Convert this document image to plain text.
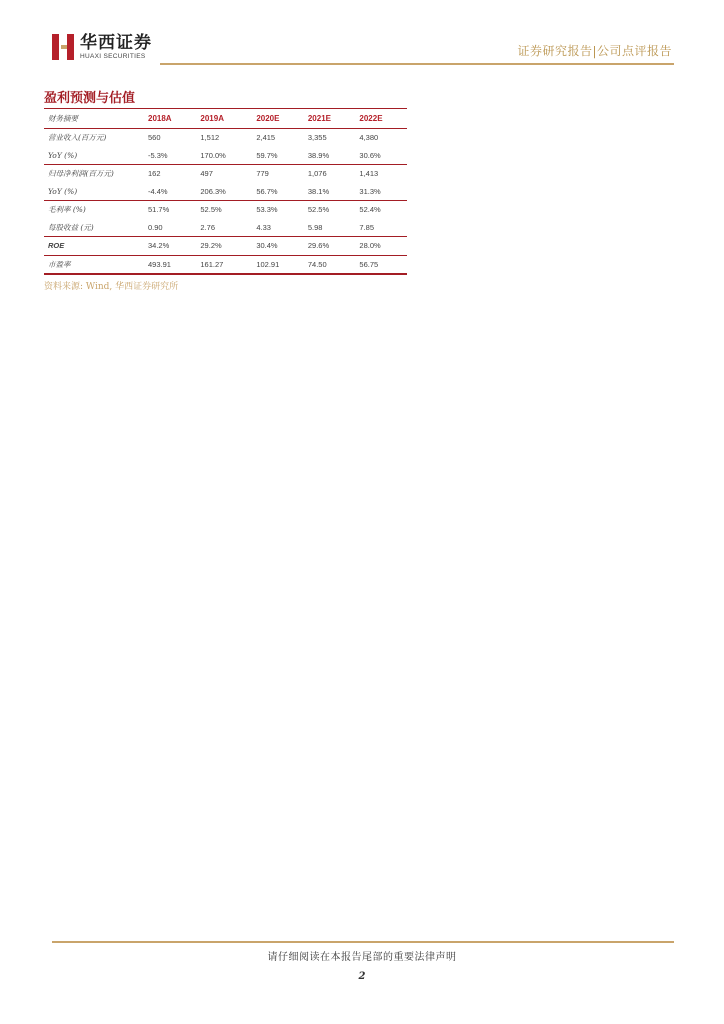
华西证券
HUAXI SECURITIES	证券研究报告|公司点评报告
盈利预测与估值
财务摘要	2018A	2019A	2020E	2021E	2022E
营业收入(百万元)	560	1,512	2,415	3,355	4,380
YoY (%)	-5.3%	170.0%	59.7%	38.9%	30.6%
归母净利润(百万元)	162	497	779	1,076	1,413
YoY (%)	-4.4%	206.3%	56.7%	38.1%	31.3%
毛利率 (%)	51.7%	52.5%	53.3%	52.5%	52.4%
每股收益 (元)	0.90	2.76	4.33	5.98	7.85
ROE	34.2%	29.2%	30.4%	29.6%	28.0%
市盈率	493.91	161.27	102.91	74.50	56.75
资料来源: Wind, 华西证券研究所
请仔细阅读在本报告尾部的重要法律声明
2
